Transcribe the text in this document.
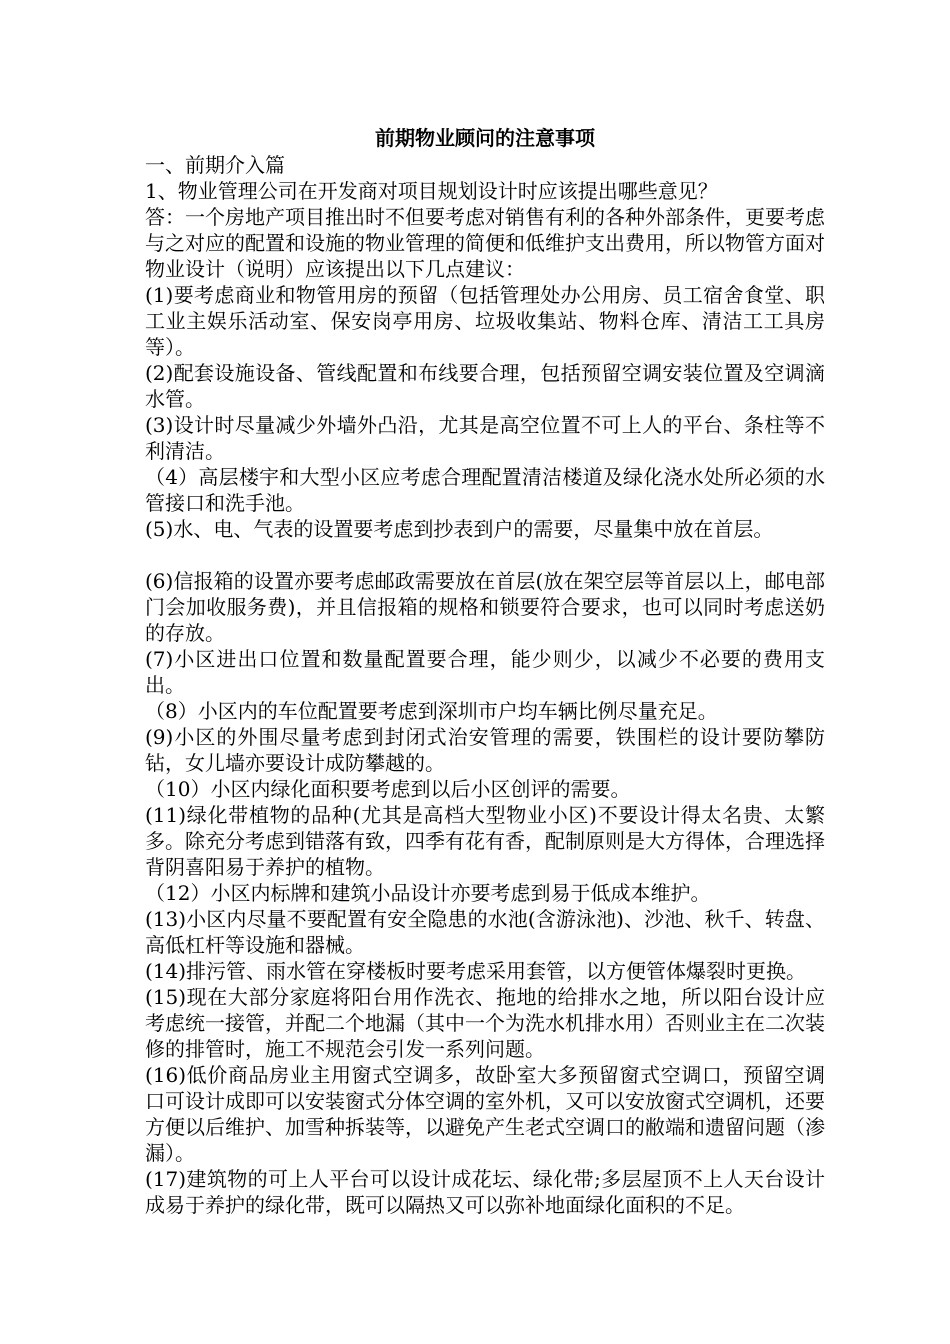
前期物业顾问的注意事项

一、前期介入篇

1、物业管理公司在开发商对项目规划设计时应该提出哪些意见？

答：一个房地产项目推出时不但要考虑对销售有利的各种外部条件，更要考虑与之对应的配置和设施的物业管理的简便和低维护支出费用，所以物管方面对物业设计（说明）应该提出以下几点建议：

(1)要考虑商业和物管用房的预留（包括管理处办公用房、员工宿舍食堂、职工业主娱乐活动室、保安岗亭用房、垃圾收集站、物料仓库、清洁工工具房等）。

(2)配套设施设备、管线配置和布线要合理，包括预留空调安装位置及空调滴水管。

(3)设计时尽量减少外墙外凸沿，尤其是高空位置不可上人的平台、条柱等不利清洁。

（4）高层楼宇和大型小区应考虑合理配置清洁楼道及绿化浇水处所必须的水管接口和洗手池。

(5)水、电、气表的设置要考虑到抄表到户的需要，尽量集中放在首层。

(6)信报箱的设置亦要考虑邮政需要放在首层(放在架空层等首层以上，邮电部门会加收服务费)，并且信报箱的规格和锁要符合要求，也可以同时考虑送奶的存放。

(7)小区进出口位置和数量配置要合理，能少则少，以减少不必要的费用支出。

（8）小区内的车位配置要考虑到深圳市户均车辆比例尽量充足。

(9)小区的外围尽量考虑到封闭式治安管理的需要，铁围栏的设计要防攀防钻，女儿墙亦要设计成防攀越的。

（10）小区内绿化面积要考虑到以后小区创评的需要。

(11)绿化带植物的品种(尤其是高档大型物业小区)不要设计得太名贵、太繁多。除充分考虑到错落有致，四季有花有香，配制原则是大方得体，合理选择背阴喜阳易于养护的植物。

（12）小区内标牌和建筑小品设计亦要考虑到易于低成本维护。

(13)小区内尽量不要配置有安全隐患的水池(含游泳池)、沙池、秋千、转盘、高低杠杆等设施和器械。

(14)排污管、雨水管在穿楼板时要考虑采用套管，以方便管体爆裂时更换。

(15)现在大部分家庭将阳台用作洗衣、拖地的给排水之地，所以阳台设计应考虑统一接管，并配二个地漏（其中一个为洗水机排水用）否则业主在二次装修的排管时，施工不规范会引发一系列问题。

(16)低价商品房业主用窗式空调多，故卧室大多预留窗式空调口，预留空调口可设计成即可以安装窗式分体空调的室外机，又可以安放窗式空调机，还要方便以后维护、加雪种拆装等，以避免产生老式空调口的敝端和遗留问题（渗漏）。

(17)建筑物的可上人平台可以设计成花坛、绿化带;多层屋顶不上人天台设计成易于养护的绿化带，既可以隔热又可以弥补地面绿化面积的不足。
